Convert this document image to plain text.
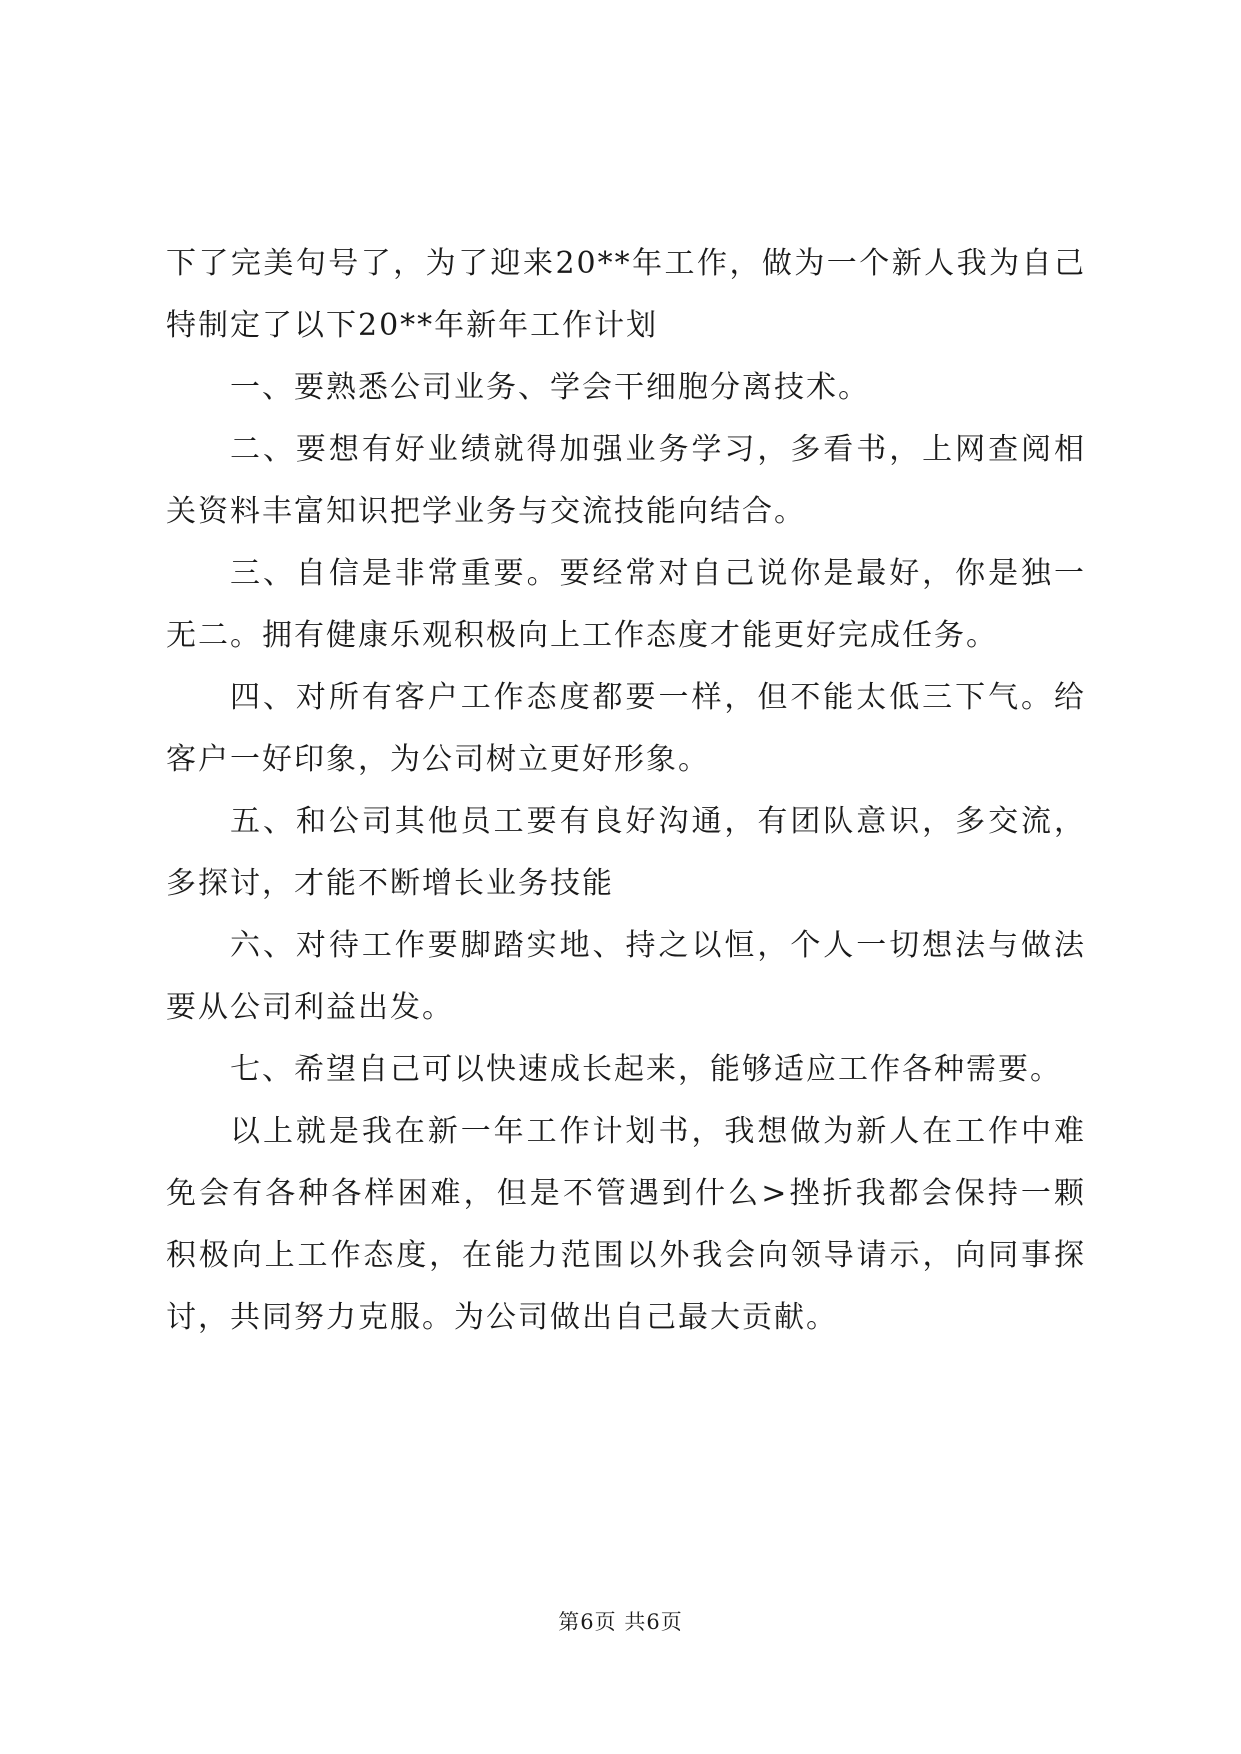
下了完美句号了，为了迎来20**年工作，做为一个新人我为自己特制定了以下20**年新年工作计划

一、要熟悉公司业务、学会干细胞分离技术。

二、要想有好业绩就得加强业务学习，多看书，上网查阅相关资料丰富知识把学业务与交流技能向结合。

三、自信是非常重要。要经常对自己说你是最好，你是独一无二。拥有健康乐观积极向上工作态度才能更好完成任务。

四、对所有客户工作态度都要一样，但不能太低三下气。给客户一好印象，为公司树立更好形象。

五、和公司其他员工要有良好沟通，有团队意识，多交流，多探讨，才能不断增长业务技能

六、对待工作要脚踏实地、持之以恒，个人一切想法与做法要从公司利益出发。

七、希望自己可以快速成长起来，能够适应工作各种需要。

以上就是我在新一年工作计划书，我想做为新人在工作中难免会有各种各样困难，但是不管遇到什么>挫折我都会保持一颗积极向上工作态度，在能力范围以外我会向领导请示，向同事探讨，共同努力克服。为公司做出自己最大贡献。

第6页 共6页
